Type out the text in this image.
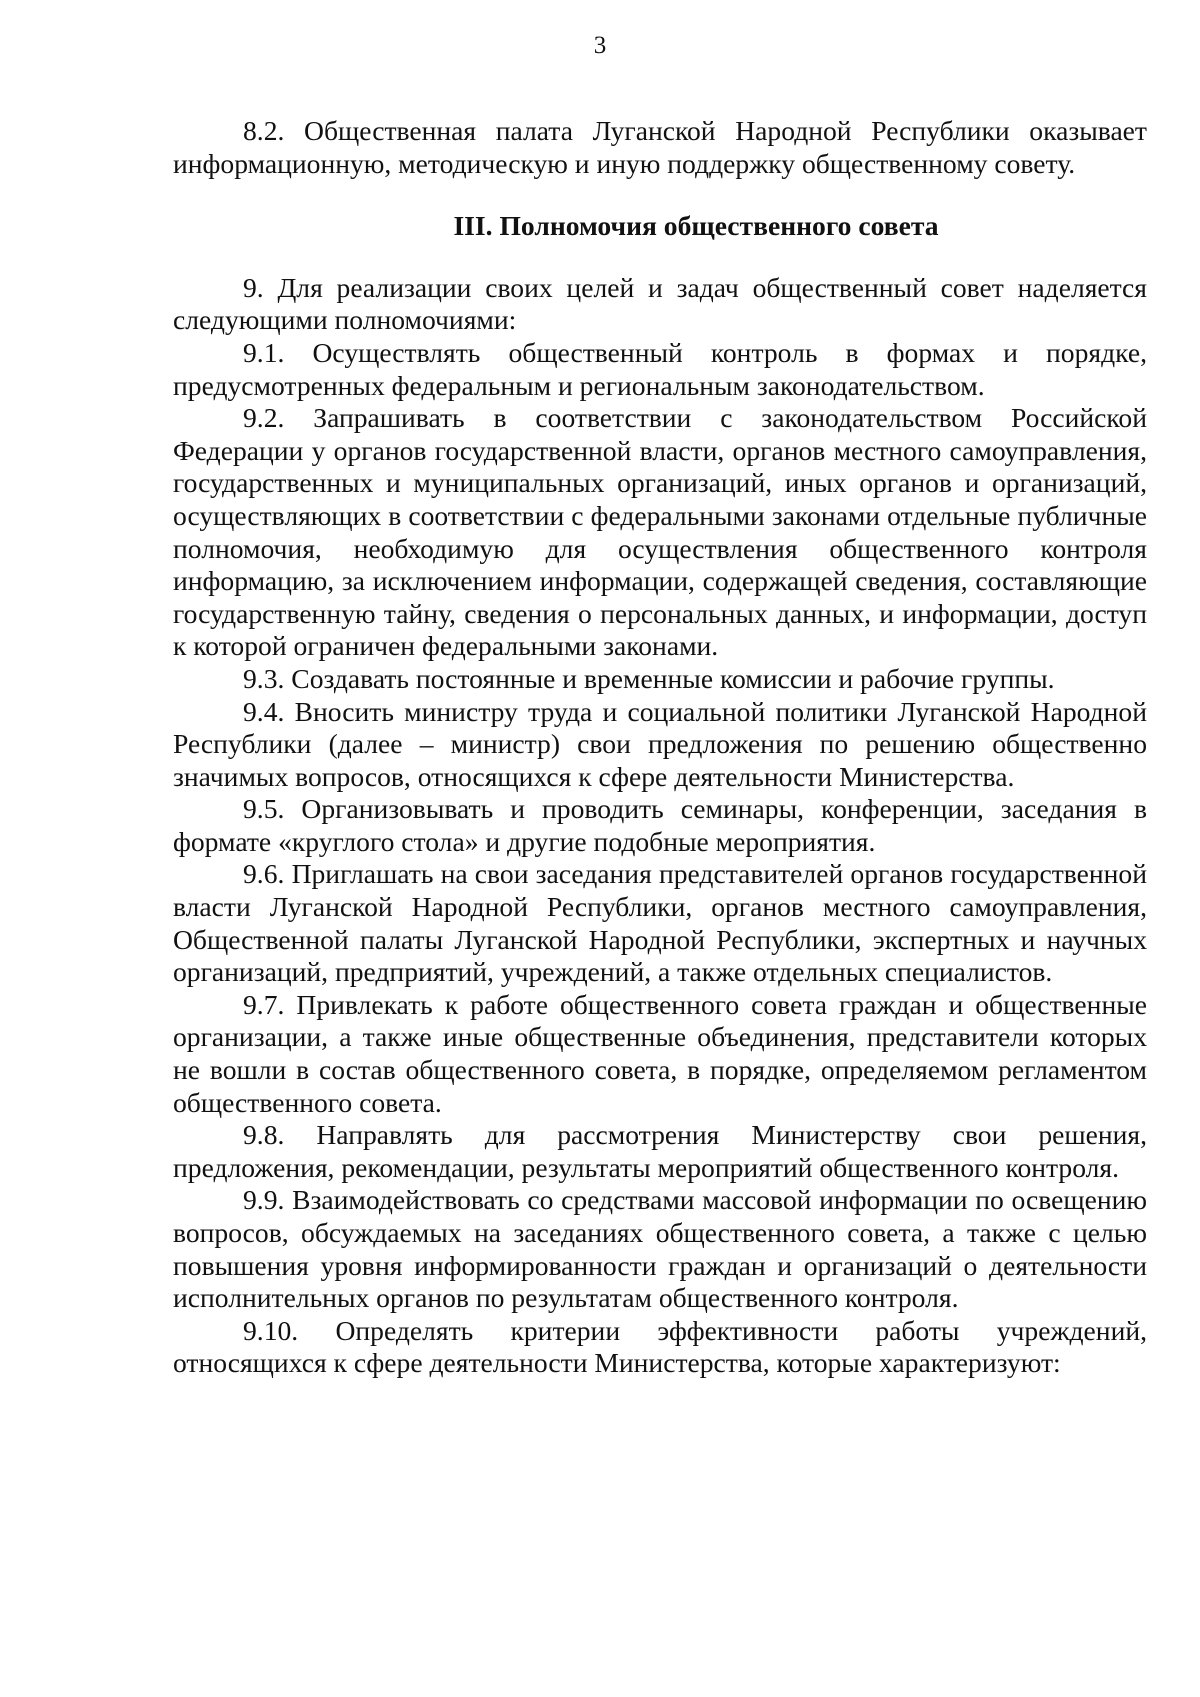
3

8.2. Общественная палата Луганской Народной Республики оказывает информационную, методическую и иную поддержку общественному совету.

III. Полномочия общественного совета

9. Для реализации своих целей и задач общественный совет наделяется следующими полномочиями:

9.1. Осуществлять общественный контроль в формах и порядке, предусмотренных федеральным и региональным законодательством.

9.2. Запрашивать в соответствии с законодательством Российской Федерации у органов государственной власти, органов местного самоуправления, государственных и муниципальных организаций, иных органов и организаций, осуществляющих в соответствии с федеральными законами отдельные публичные полномочия, необходимую для осуществления общественного контроля информацию, за исключением информации, содержащей сведения, составляющие государственную тайну, сведения о персональных данных, и информации, доступ к которой ограничен федеральными законами.

9.3. Создавать постоянные и временные комиссии и рабочие группы.

9.4. Вносить министру труда и социальной политики Луганской Народной Республики (далее – министр) свои предложения по решению общественно значимых вопросов, относящихся к сфере деятельности Министерства.

9.5. Организовывать и проводить семинары, конференции, заседания в формате «круглого стола» и другие подобные мероприятия.

9.6. Приглашать на свои заседания представителей органов государственной власти Луганской Народной Республики, органов местного самоуправления, Общественной палаты Луганской Народной Республики, экспертных и научных организаций, предприятий, учреждений, а также отдельных специалистов.

9.7. Привлекать к работе общественного совета граждан и общественные организации, а также иные общественные объединения, представители которых не вошли в состав общественного совета, в порядке, определяемом регламентом общественного совета.

9.8. Направлять для рассмотрения Министерству свои решения, предложения, рекомендации, результаты мероприятий общественного контроля.

9.9. Взаимодействовать со средствами массовой информации по освещению вопросов, обсуждаемых на заседаниях общественного совета, а также с целью повышения уровня информированности граждан и организаций о деятельности исполнительных органов по результатам общественного контроля.

9.10. Определять критерии эффективности работы учреждений, относящихся к сфере деятельности Министерства, которые характеризуют:
